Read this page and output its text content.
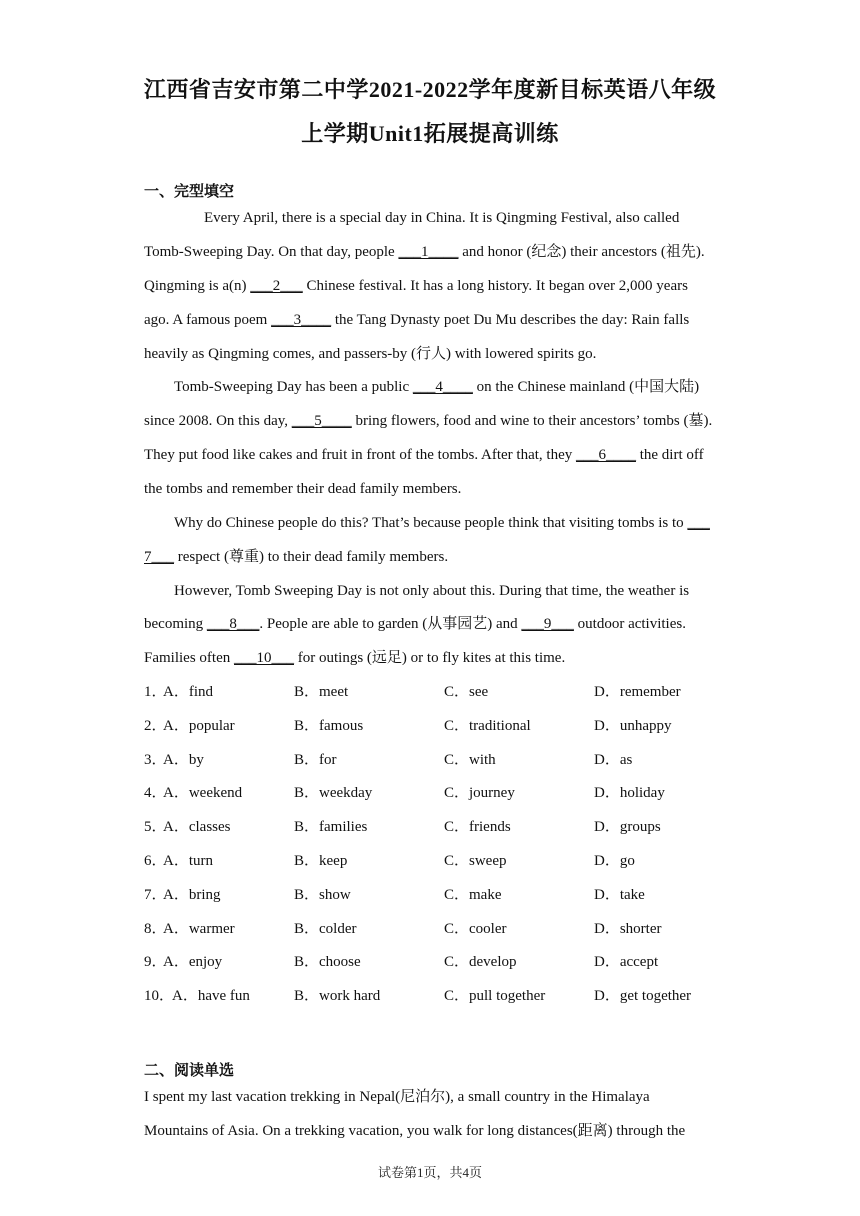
江西省吉安市第二中学2021-2022学年度新目标英语八年级
上学期Unit1拓展提高训练
一、完型填空
Every April, there is a special day in China. It is Qingming Festival, also called
Tomb-Sweeping Day. On that day, people ___1____ and honor (纪念) their ancestors (祖先).
Qingming is a(n) ___2___ Chinese festival. It has a long history. It began over 2,000 years
ago. A famous poem ___3____ the Tang Dynasty poet Du Mu describes the day: Rain falls
heavily as Qingming comes, and passers-by (行人) with lowered spirits go.
Tomb-Sweeping Day has been a public ___4____ on the Chinese mainland (中国大陆)
since 2008. On this day, ___5____ bring flowers, food and wine to their ancestors’ tombs (墓).
They put food like cakes and fruit in front of the tombs. After that, they ___6____ the dirt off
the tombs and remember their dead family members.
Why do Chinese people do this? That’s because people think that visiting tombs is to ___
7___ respect (尊重) to their dead family members.
However, Tomb Sweeping Day is not only about this. During that time, the weather is
becoming ___8___. People are able to garden (从事园艺) and ___9___ outdoor activities.
Families often ___10___ for outings (远足) or to fly kites at this time.
1．
A．find	B．meet	C．see	D．remember
2．
A．popular	B．famous	C．traditional	D．unhappy
3．
A．by	B．for	C．with	D．as
4．
A．weekend	B．weekday	C．journey	D．holiday
5．
A．classes	B．families	C．friends	D．groups
6．
A．turn	B．keep	C．sweep	D．go
7．
A．bring	B．show	C．make	D．take
8．
A．warmer	B．colder	C．cooler	D．shorter
9．
A．enjoy	B．choose	C．develop	D．accept
10．
A．have fun	B．work hard	C．pull together	D．get together
二、阅读单选
I spent my last vacation trekking in Nepal(尼泊尔), a small country in the Himalaya
Mountains of Asia. On a trekking vacation, you walk for long distances(距离) through the
试卷第1页，共4页
